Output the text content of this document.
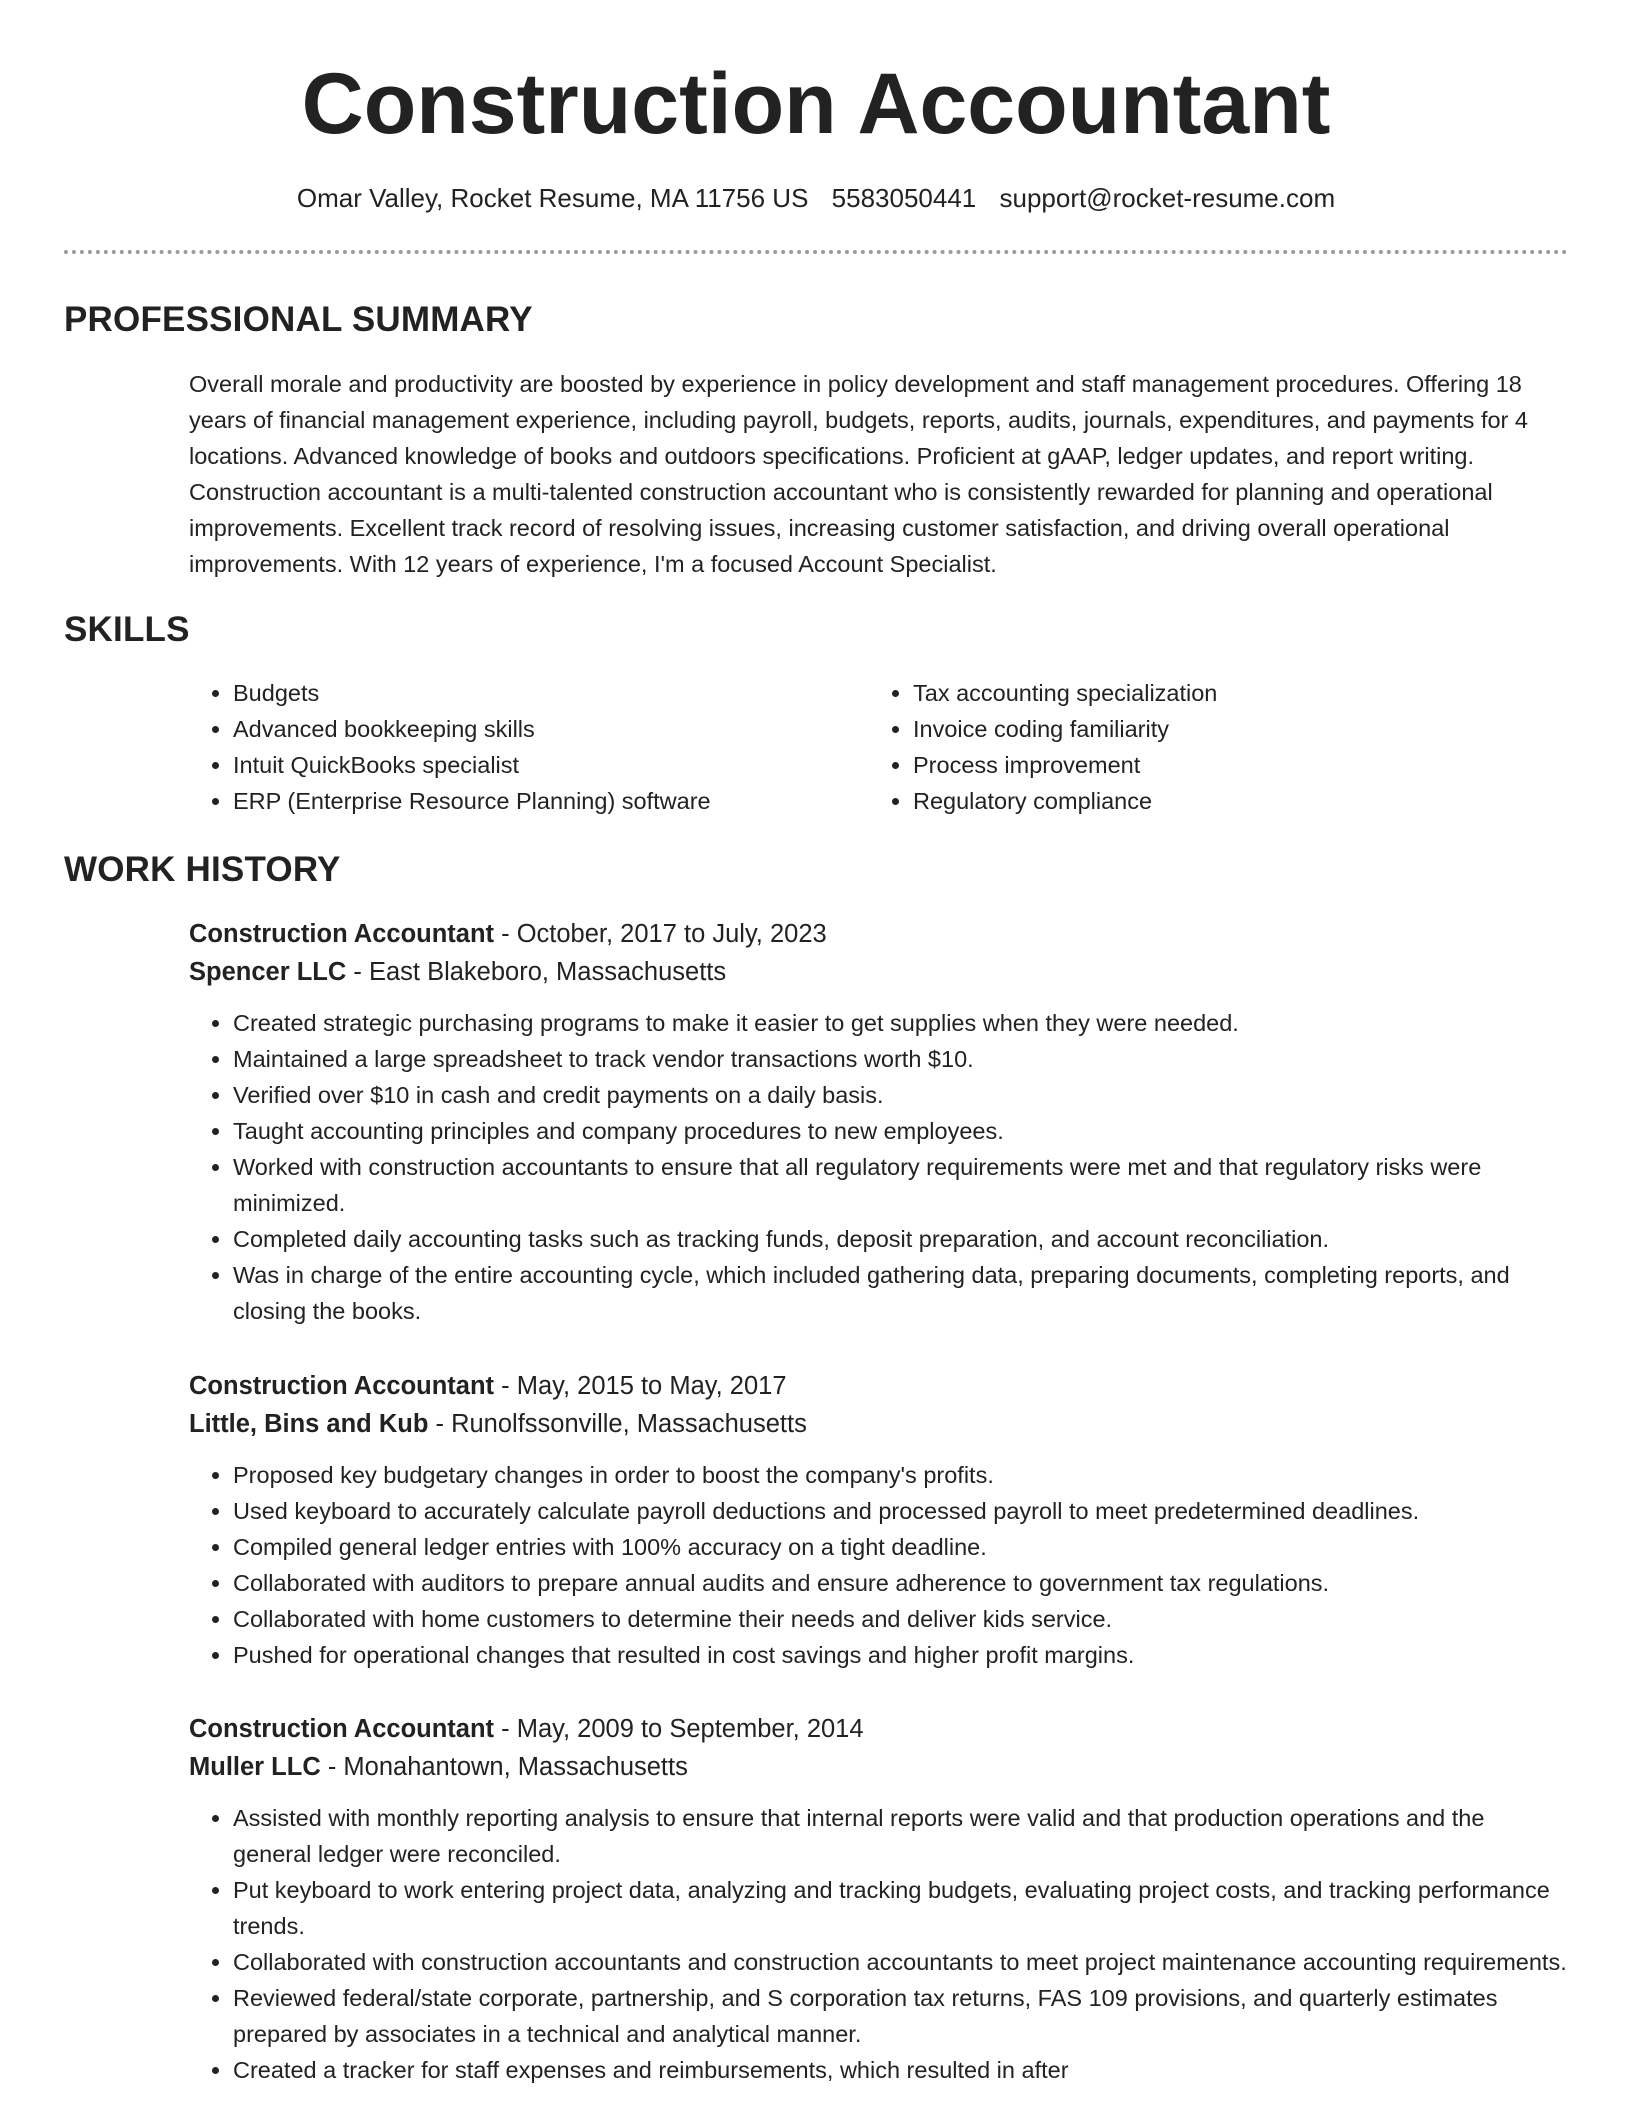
Construction Accountant
Omar Valley, Rocket Resume, MA 11756 US 5583050441 support@rocket-resume.com
PROFESSIONAL SUMMARY

Overall morale and productivity are boosted by experience in policy development and staff management procedures. Offering 18 years of financial management experience, including payroll, budgets, reports, audits, journals, expenditures, and payments for 4 locations. Advanced knowledge of books and outdoors specifications. Proficient at gAAP, ledger updates, and report writing. Construction accountant is a multi-talented construction accountant who is consistently rewarded for planning and operational improvements. Excellent track record of resolving issues, increasing customer satisfaction, and driving overall operational improvements. With 12 years of experience, I'm a focused Account Specialist.

SKILLS
• Budgets
• Advanced bookkeeping skills
• Intuit QuickBooks specialist
• ERP (Enterprise Resource Planning) software
• Tax accounting specialization
• Invoice coding familiarity
• Process improvement
• Regulatory compliance
WORK HISTORY
Construction Accountant - October, 2017 to July, 2023
Spencer LLC - East Blakeboro, Massachusetts
• Created strategic purchasing programs to make it easier to get supplies when they were needed.
• Maintained a large spreadsheet to track vendor transactions worth $10.
• Verified over $10 in cash and credit payments on a daily basis.
• Taught accounting principles and company procedures to new employees.
• Worked with construction accountants to ensure that all regulatory requirements were met and that regulatory risks were minimized.
• Completed daily accounting tasks such as tracking funds, deposit preparation, and account reconciliation.
• Was in charge of the entire accounting cycle, which included gathering data, preparing documents, completing reports, and closing the books.
Construction Accountant - May, 2015 to May, 2017
Little, Bins and Kub - Runolfssonville, Massachusetts
• Proposed key budgetary changes in order to boost the company's profits.
• Used keyboard to accurately calculate payroll deductions and processed payroll to meet predetermined deadlines.
• Compiled general ledger entries with 100% accuracy on a tight deadline.
• Collaborated with auditors to prepare annual audits and ensure adherence to government tax regulations.
• Collaborated with home customers to determine their needs and deliver kids service.
• Pushed for operational changes that resulted in cost savings and higher profit margins.
Construction Accountant - May, 2009 to September, 2014
Muller LLC - Monahantown, Massachusetts
• Assisted with monthly reporting analysis to ensure that internal reports were valid and that production operations and the general ledger were reconciled.
• Put keyboard to work entering project data, analyzing and tracking budgets, evaluating project costs, and tracking performance trends.
• Collaborated with construction accountants and construction accountants to meet project maintenance accounting requirements.
• Reviewed federal/state corporate, partnership, and S corporation tax returns, FAS 109 provisions, and quarterly estimates prepared by associates in a technical and analytical manner.
• Created a tracker for staff expenses and reimbursements, which resulted in after
